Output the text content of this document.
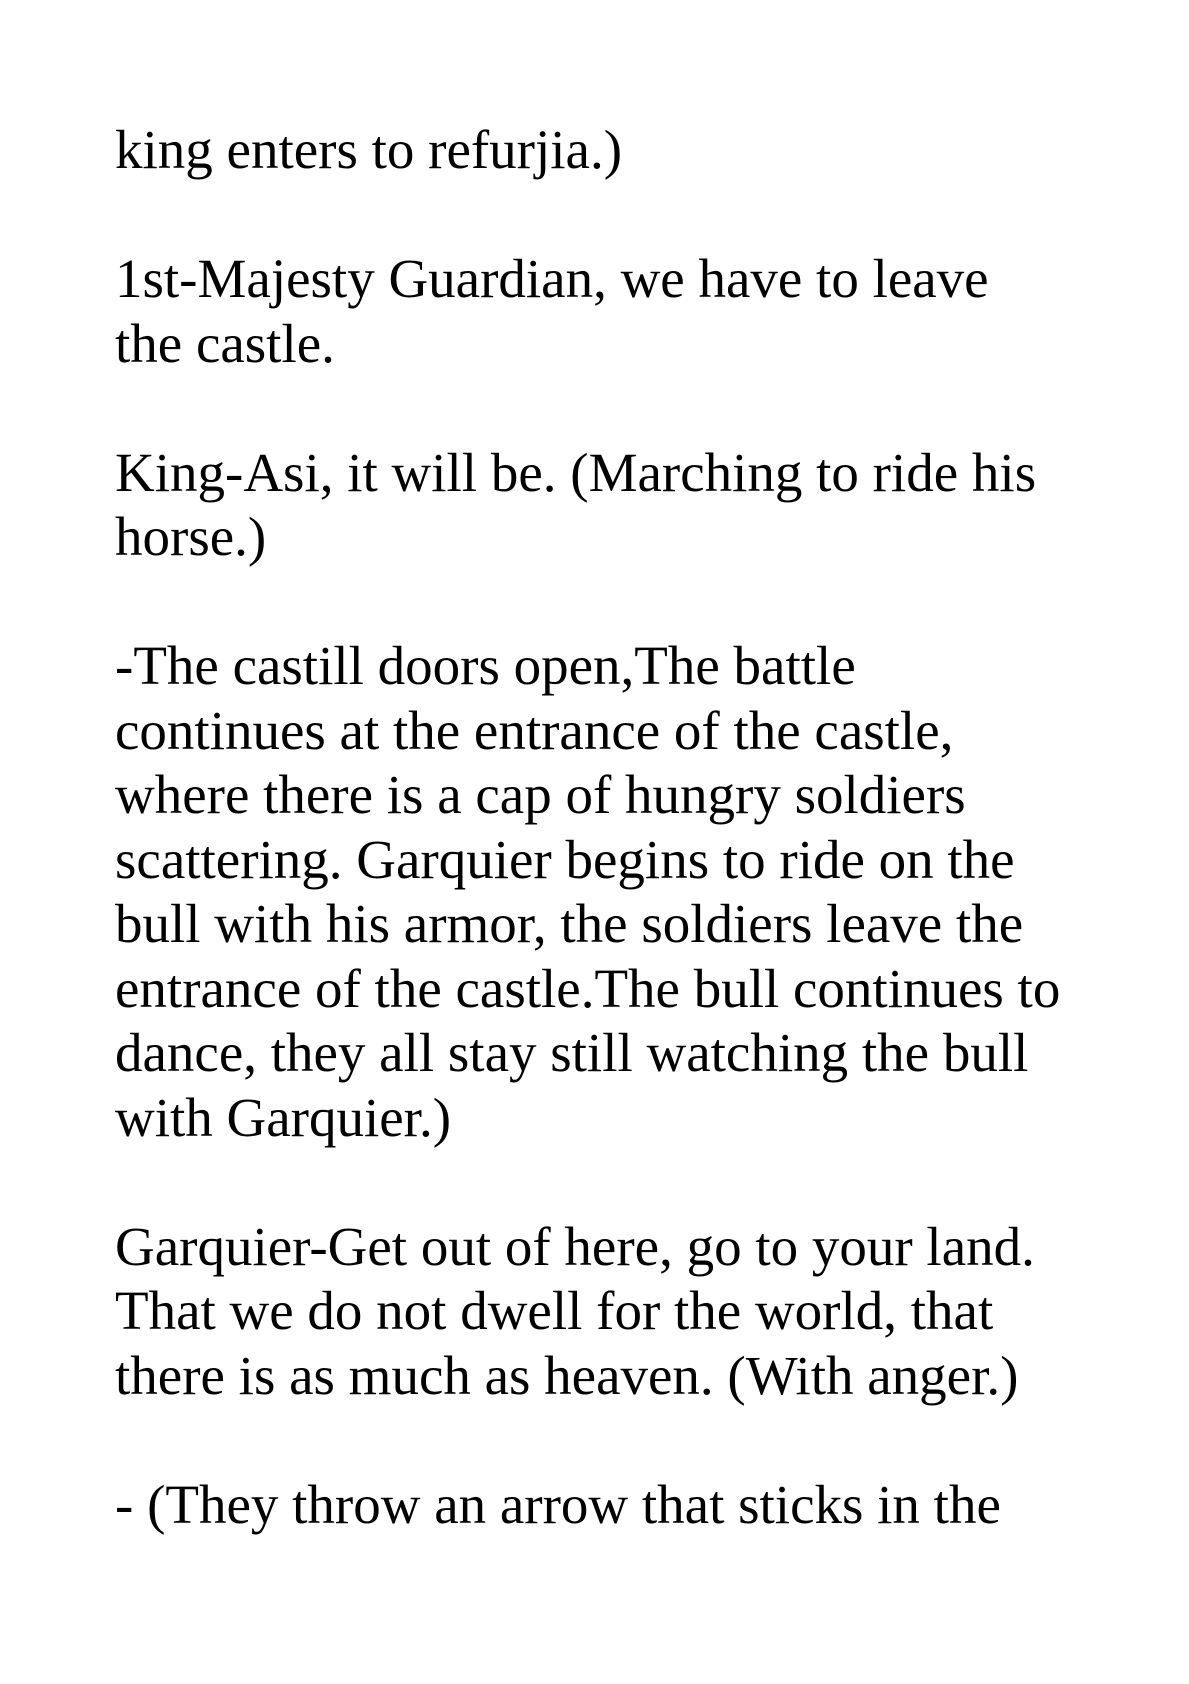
king enters to refurjia.)

1st-Majesty Guardian, we have to leave
the castle.

King-Asi, it will be. (Marching to ride his
horse.)

-The castill doors open,The battle
continues at the entrance of the castle,
where there is a cap of hungry soldiers
scattering. Garquier begins to ride on the
bull with his armor, the soldiers leave the
entrance of the castle.The bull continues to
dance, they all stay still watching the bull
with Garquier.)

Garquier-Get out of here, go to your land.
That we do not dwell for the world, that
there is as much as heaven. (With anger.)

- (They throw an arrow that sticks in the
